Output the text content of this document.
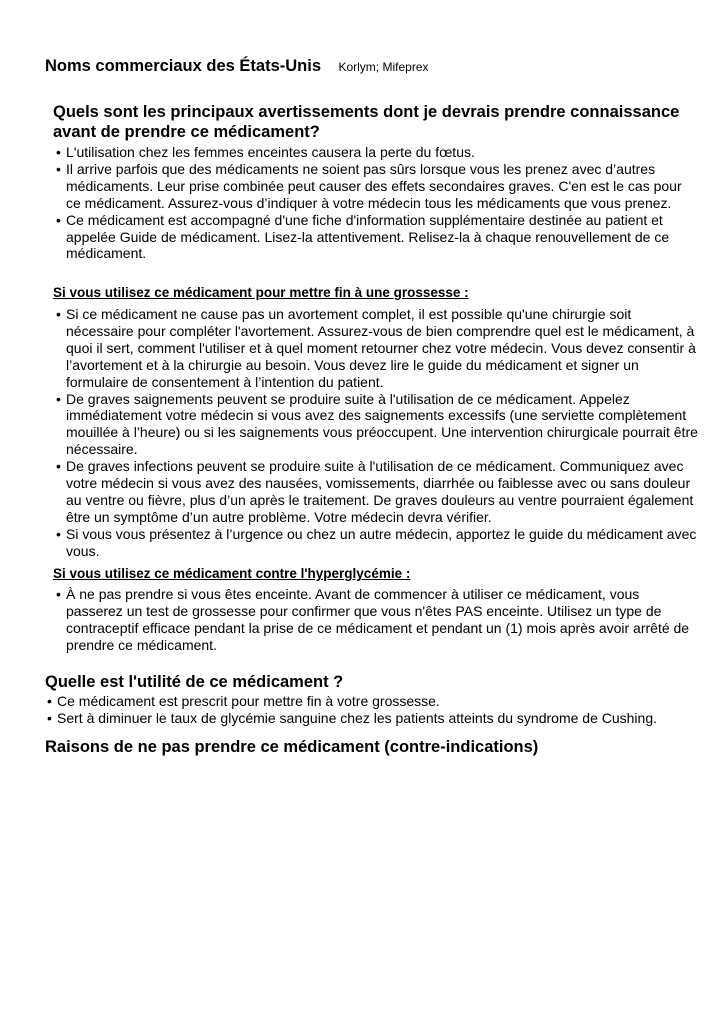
Noms commerciaux des États-Unis Korlym; Mifeprex
Quels sont les principaux avertissements dont je devrais prendre connaissance avant de prendre ce médicament?
• L'utilisation chez les femmes enceintes causera la perte du fœtus.
• Il arrive parfois que des médicaments ne soient pas sûrs lorsque vous les prenez avec d’autres médicaments. Leur prise combinée peut causer des effets secondaires graves. C'en est le cas pour ce médicament. Assurez-vous d’indiquer à votre médecin tous les médicaments que vous prenez.
• Ce médicament est accompagné d'une fiche d'information supplémentaire destinée au patient et appelée Guide de médicament. Lisez-la attentivement. Relisez-la à chaque renouvellement de ce médicament.
Si vous utilisez ce médicament pour mettre fin à une grossesse :
• Si ce médicament ne cause pas un avortement complet, il est possible qu'une chirurgie soit nécessaire pour compléter l'avortement. Assurez-vous de bien comprendre quel est le médicament, à quoi il sert, comment l'utiliser et à quel moment retourner chez votre médecin. Vous devez consentir à l’avortement et à la chirurgie au besoin. Vous devez lire le guide du médicament et signer un formulaire de consentement à l’intention du patient.
• De graves saignements peuvent se produire suite à l'utilisation de ce médicament. Appelez immédiatement votre médecin si vous avez des saignements excessifs (une serviette complètement mouillée à l’heure) ou si les saignements vous préoccupent. Une intervention chirurgicale pourrait être nécessaire.
• De graves infections peuvent se produire suite à l'utilisation de ce médicament. Communiquez avec votre médecin si vous avez des nausées, vomissements, diarrhée ou faiblesse avec ou sans douleur au ventre ou fièvre, plus d’un après le traitement. De graves douleurs au ventre pourraient également être un symptôme d’un autre problème. Votre médecin devra vérifier.
• Si vous vous présentez à l’urgence ou chez un autre médecin, apportez le guide du médicament avec vous.
Si vous utilisez ce médicament contre l'hyperglycémie :
• À ne pas prendre si vous êtes enceinte. Avant de commencer à utiliser ce médicament, vous passerez un test de grossesse pour confirmer que vous n'êtes PAS enceinte. Utilisez un type de contraceptif efficace pendant la prise de ce médicament et pendant un (1) mois après avoir arrêté de prendre ce médicament.
Quelle est l'utilité de ce médicament ?
• Ce médicament est prescrit pour mettre fin à votre grossesse.
• Sert à diminuer le taux de glycémie sanguine chez les patients atteints du syndrome de Cushing.
Raisons de ne pas prendre ce médicament (contre-indications)
